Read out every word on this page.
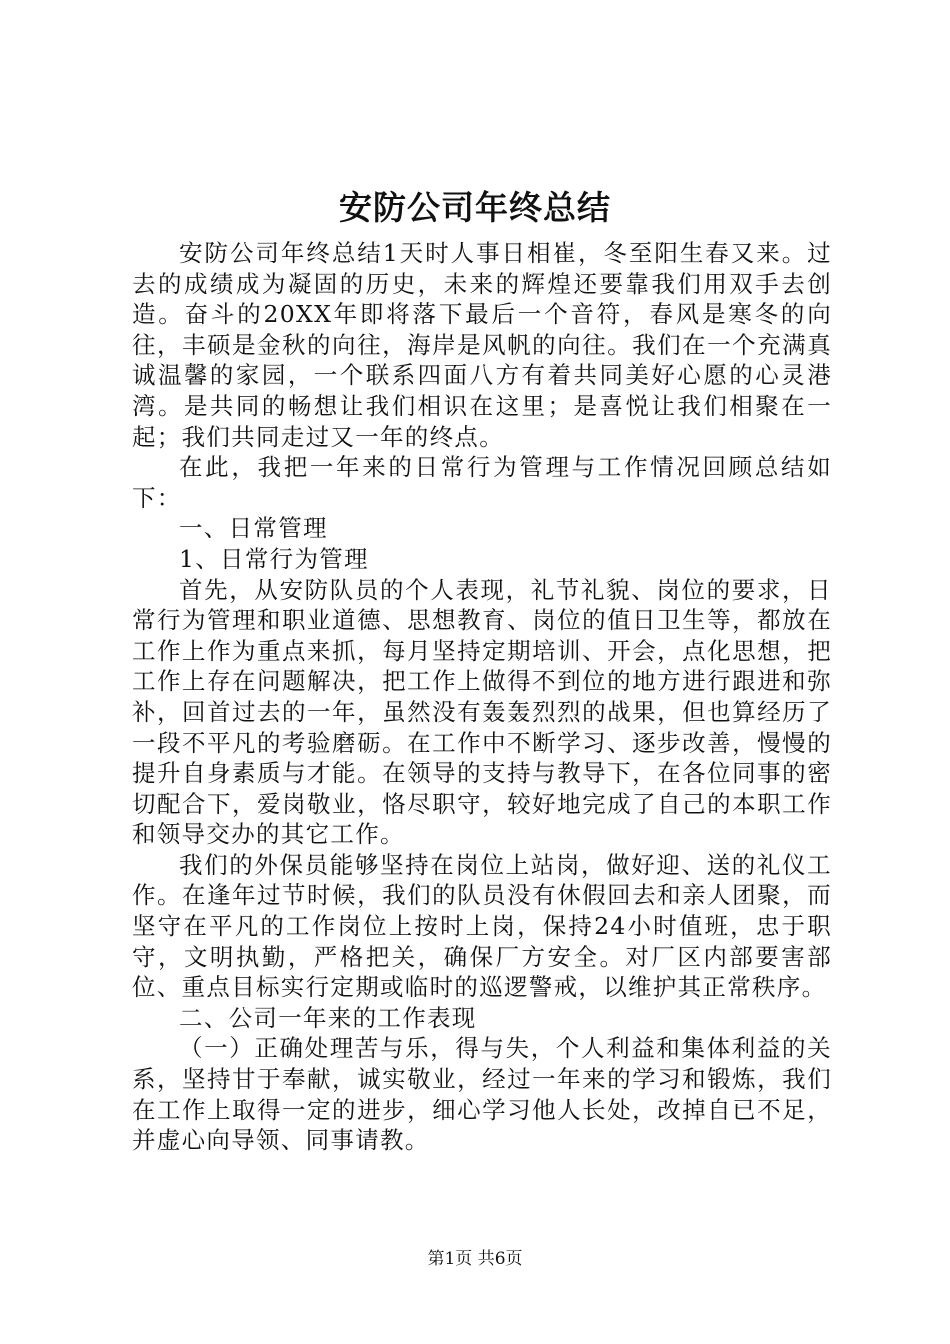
安防公司年终总结

安防公司年终总结1天时人事日相崔，冬至阳生春又来。过去的成绩成为凝固的历史，未来的辉煌还要靠我们用双手去创造。奋斗的20XX年即将落下最后一个音符，春风是寒冬的向往，丰硕是金秋的向往，海岸是风帆的向往。我们在一个充满真诚温馨的家园，一个联系四面八方有着共同美好心愿的心灵港湾。是共同的畅想让我们相识在这里；是喜悦让我们相聚在一起；我们共同走过又一年的终点。

在此，我把一年来的日常行为管理与工作情况回顾总结如下：

一、日常管理

1、日常行为管理

首先，从安防队员的个人表现，礼节礼貌、岗位的要求，日常行为管理和职业道德、思想教育、岗位的值日卫生等，都放在工作上作为重点来抓，每月坚持定期培训、开会，点化思想，把工作上存在问题解决，把工作上做得不到位的地方进行跟进和弥补，回首过去的一年，虽然没有轰轰烈烈的战果，但也算经历了一段不平凡的考验磨砺。在工作中不断学习、逐步改善，慢慢的提升自身素质与才能。在领导的支持与教导下，在各位同事的密切配合下，爱岗敬业，恪尽职守，较好地完成了自己的本职工作和领导交办的其它工作。

我们的外保员能够坚持在岗位上站岗，做好迎、送的礼仪工作。在逢年过节时候，我们的队员没有休假回去和亲人团聚，而坚守在平凡的工作岗位上按时上岗，保持24小时值班，忠于职守，文明执勤，严格把关，确保厂方安全。对厂区内部要害部位、重点目标实行定期或临时的巡逻警戒，以维护其正常秩序。

二、公司一年来的工作表现

（一）正确处理苦与乐，得与失，个人利益和集体利益的关系，坚持甘于奉献，诚实敬业，经过一年来的学习和锻炼，我们在工作上取得一定的进步，细心学习他人长处，改掉自已不足，并虚心向导领、同事请教。

第1页 共6页
